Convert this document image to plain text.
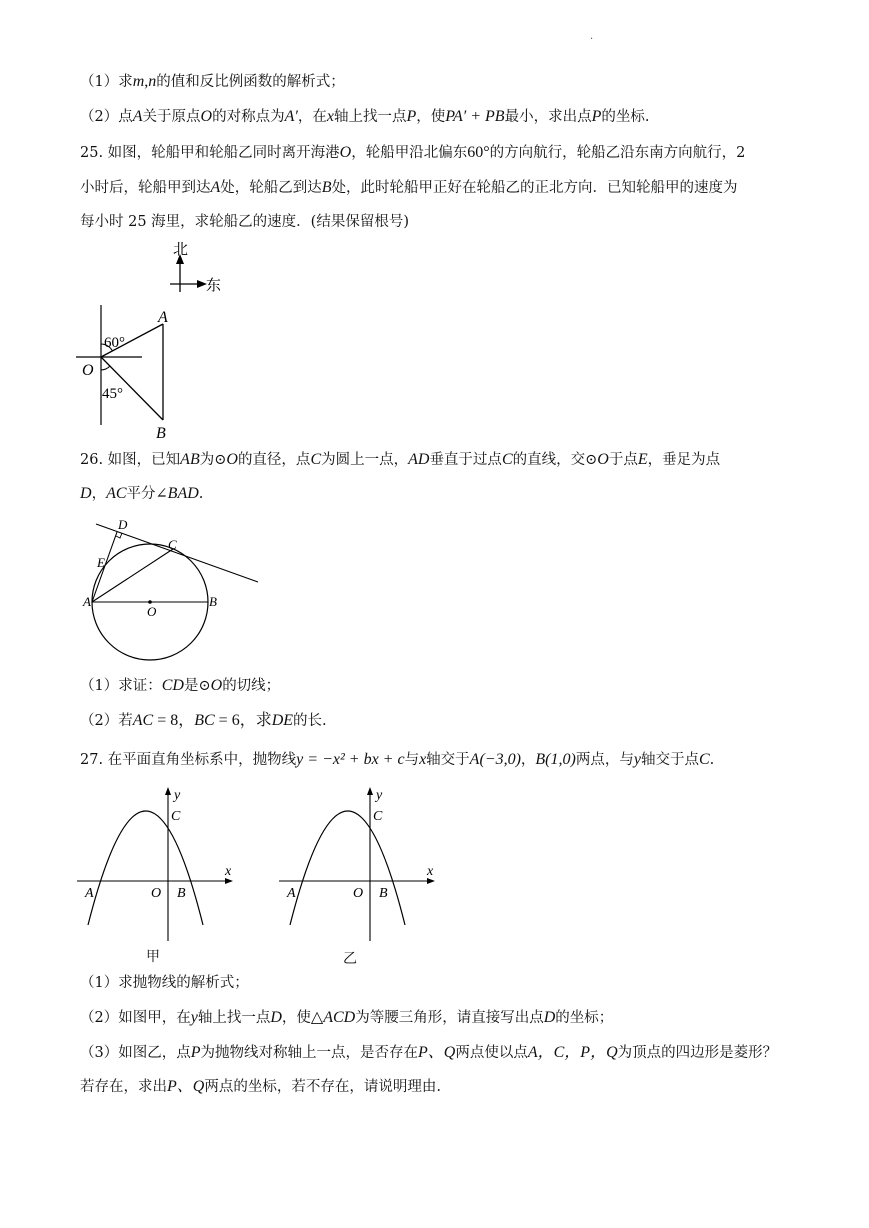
·
（1）求m,n的值和反比例函数的解析式；
（2）点A关于原点O的对称点为A′，在x轴上找一点P，使PA′ + PB最小，求出点P的坐标.
25. 如图，轮船甲和轮船乙同时离开海港O，轮船甲沿北偏东60°的方向航行，轮船乙沿东南方向航行，2
小时后，轮船甲到达A处，轮船乙到达B处，此时轮船甲正好在轮船乙的正北方向．已知轮船甲的速度为
每小时 25 海里，求轮船乙的速度．(结果保留根号)
北
东
60°
45°
O
A
B
26. 如图，已知AB为⊙O的直径，点C为圆上一点，AD垂直于过点C的直线，交⊙O于点E，垂足为点
D，AC平分∠BAD.
D
C
E
A
O
B
（1）求证：CD是⊙O的切线；
（2）若AC = 8，BC = 6，求DE的长.
27. 在平面直角坐标系中，抛物线y = −x² + bx + c与x轴交于A(−3,0)，B(1,0)两点，与y轴交于点C.
y
x
C
A	O B
甲
y
x
C
A	O B
乙
（1）求抛物线的解析式；
（2）如图甲，在y轴上找一点D，使△ACD为等腰三角形，请直接写出点D的坐标；
（3）如图乙，点P为抛物线对称轴上一点，是否存在P、Q两点使以点A，C，P，Q为顶点的四边形是菱形？
若存在，求出P、Q两点的坐标，若不存在，请说明理由.
